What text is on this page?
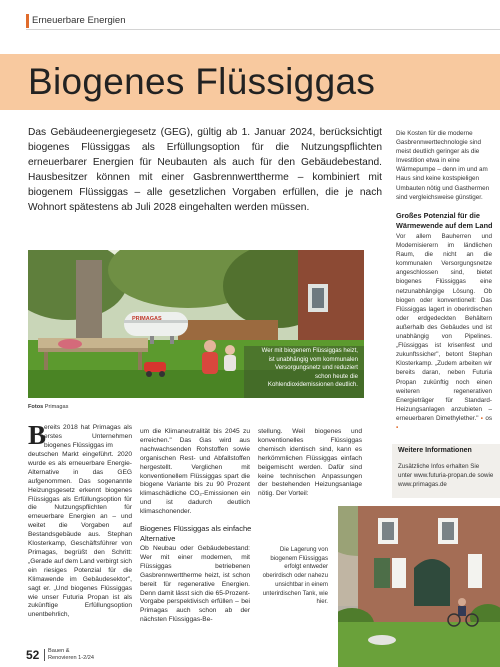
Erneuerbare Energien
Biogenes Flüssiggas
Das Gebäudeenergiegesetz (GEG), gültig ab 1. Januar 2024, berücksichtigt biogenes Flüssiggas als Erfüllungsoption für die Nutzungspflichten erneuerbarer Energien für Neubauten als auch für den Gebäudebestand. Hausbesitzer können mit einer Gasbrennwerttherme – kombiniert mit biogenem Flüssiggas – alle gesetzlichen Vorgaben erfüllen, die je nach Wohnort spätestens ab Juli 2028 eingehalten werden müssen.
Die Kosten für die moderne Gasbrennwerttechnologie sind meist deutlich geringer als die Investition etwa in eine Wärmepumpe – denn im und am Haus sind keine kostspieligen Umbauten nötig und Gasthermen sind vergleichsweise günstiger.
Großes Potenzial für die Wärmewende auf dem Land
Vor allem Bauherren und Modernisierern im ländlichen Raum, die nicht an die kommunalen Versorgungsnetze angeschlossen sind, bietet biogenes Flüssiggas eine netzunabhängige Lösung. Ob biogen oder konventionell: Das Flüssiggas lagert in oberirdischen oder erdgedeckten Behältern außerhalb des Gebäudes und ist unabhängig von Pipelines. „Flüssiggas ist krisenfest und zukunftssicher", betont Stephan Klosterkamp. „Zudem arbeiten wir bereits daran, neben Futuria Propan zukünftig noch einen weiteren regenerativen Energieträger für Standard-Heizungsanlagen anzubieten – erneuerbaren Dimethylether." ▪ os ▪
Weitere Informationen
Zusätzliche Infos erhalten Sie unter www.futuria-propan.de sowie www.primagas.de
PRIMAGAS
Wer mit biogenem Flüssiggas heizt, ist unabhängig vom kommunalen Versorgungsnetz und reduziert schon heute die Kohlendioxidemissionen deutlich.
Fotos Primagas
B
ereits 2018 hat Primagas als erstes Unternehmen biogenes Flüssiggas im
deutschen Markt eingeführt. 2020 wurde es als erneuerbare Energie-Alternative in das GEG aufgenommen. Das sogenannte Heizungsgesetz erkennt biogenes Flüssiggas als Erfüllungsoption für die Nutzungspflichten für erneuerbare Energien an – und weitet die Vorgaben auf Bestandsgebäude aus. Stephan Klosterkamp, Geschäftsführer von Primagas, begrüßt den Schritt: „Gerade auf dem Land verbirgt sich ein riesiges Potenzial für die Klimawende im Gebäudesektor", sagt er. „Und biogenes Flüssiggas wie unser Futuria Propan ist als zukünftige Erfüllungsoption unentbehrlich,
um die Klimaneutralität bis 2045 zu erreichen." Das Gas wird aus nachwachsenden Rohstoffen sowie organischen Rest- und Abfallstoffen hergestellt. Verglichen mit konventionellem Flüssiggas spart die biogene Variante bis zu 90 Prozent klimaschädliche CO₂-Emissionen ein und ist dadurch deutlich klimaschonender.
Biogenes Flüssiggas als einfache Alternative
Ob Neubau oder Gebäudebestand: Wer mit einer modernen, mit Flüssiggas betriebenen Gasbrennwerttherme heizt, ist schon bereit für regenerative Energien. Denn damit lässt sich die 65-Prozent-Vorgabe perspektivisch erfüllen – bei Primagas auch schon ab der nächsten Flüssiggas-Be-
stellung. Weil biogenes und konventionelles Flüssiggas chemisch identisch sind, kann es herkömmlichen Flüssiggas einfach beigemischt werden. Dafür sind keine technischen Anpassungen der bestehenden Heizungsanlage nötig. Der Vorteil:
Die Lagerung von biogenem Flüssiggas erfolgt entweder oberirdisch oder nahezu unsichtbar in einem unterirdischen Tank, wie hier.
52 Bauen &
Renovieren 1-2/24
